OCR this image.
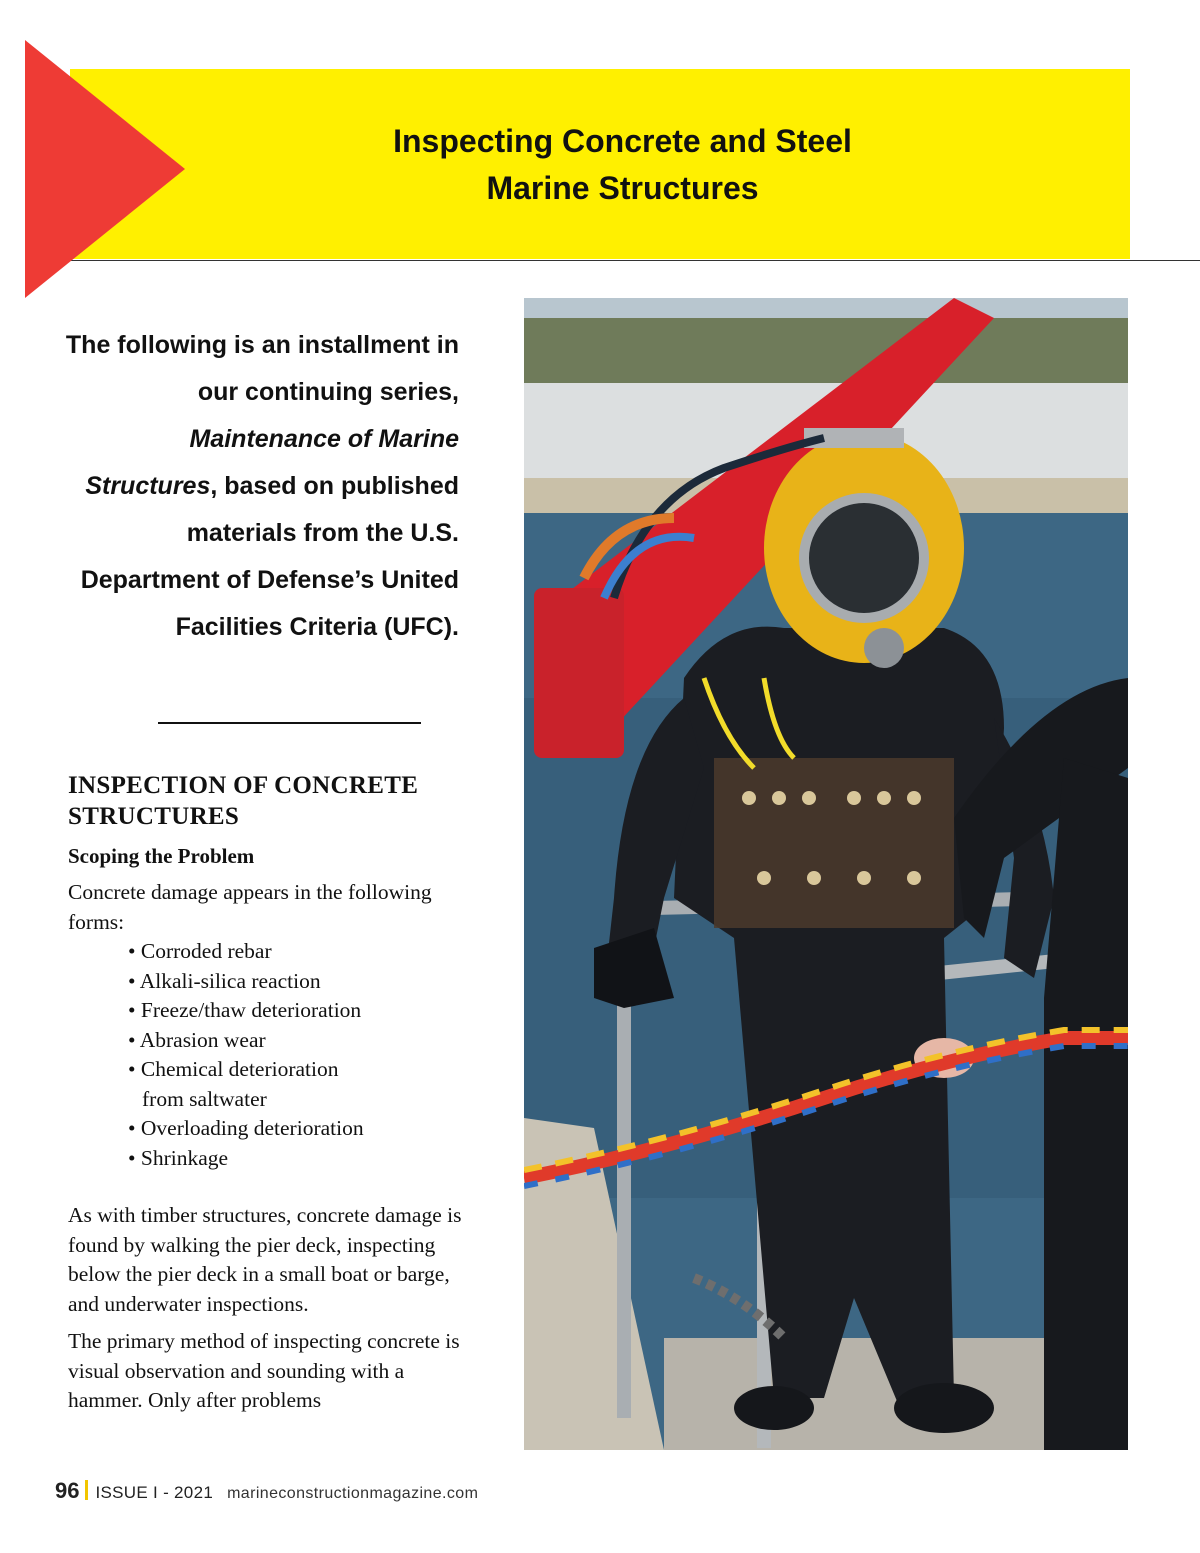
Inspecting Concrete and Steel
Marine Structures
The following is an installment in our continuing series, Maintenance of Marine Structures, based on published materials from the U.S. Department of Defense’s United Facilities Criteria (UFC).
INSPECTION OF CONCRETE STRUCTURES
Scoping the Problem

Concrete damage appears in the following forms:

• Corroded rebar
• Alkali-silica reaction
• Freeze/thaw deterioration
• Abrasion wear
• Chemical deterioration
from saltwater
• Overloading deterioration
• Shrinkage

As with timber structures, concrete damage is found by walking the pier deck, inspecting below the pier deck in a small boat or barge, and underwater inspections.

The primary method of inspecting concrete is visual observation and sounding with a hammer. Only after problems

96 ISSUE I - 2021 marineconstructionmagazine.com
